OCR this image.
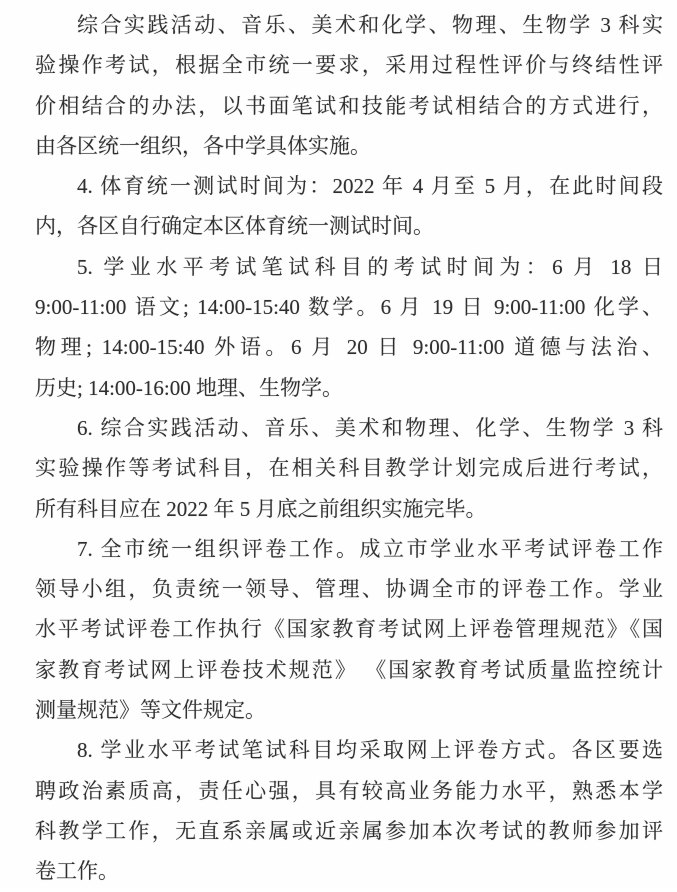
综合实践活动、音乐、美术和化学、物理、生物学 3 科实
验操作考试，根据全市统一要求，采用过程性评价与终结性评
价相结合的办法，以书面笔试和技能考试相结合的方式进行，
由各区统一组织，各中学具体实施。
4. 体育统一测试时间为：2022 年 4 月至 5 月，在此时间段
内，各区自行确定本区体育统一测试时间。
5. 学业水平考试笔试科目的考试时间为：6 月 18 日
9:00-11:00 语文; 14:00-15:40 数学。6 月 19 日 9:00-11:00 化学、
物理; 14:00-15:40 外语。6 月 20 日 9:00-11:00 道德与法治、
历史; 14:00-16:00 地理、生物学。
6. 综合实践活动、音乐、美术和物理、化学、生物学 3 科
实验操作等考试科目，在相关科目教学计划完成后进行考试，
所有科目应在 2022 年 5 月底之前组织实施完毕。
7. 全市统一组织评卷工作。成立市学业水平考试评卷工作
领导小组，负责统一领导、管理、协调全市的评卷工作。学业
水平考试评卷工作执行《国家教育考试网上评卷管理规范》《国
家教育考试网上评卷技术规范》 《国家教育考试质量监控统计
测量规范》等文件规定。
8. 学业水平考试笔试科目均采取网上评卷方式。各区要选
聘政治素质高，责任心强，具有较高业务能力水平，熟悉本学
科教学工作，无直系亲属或近亲属参加本次考试的教师参加评
卷工作。
